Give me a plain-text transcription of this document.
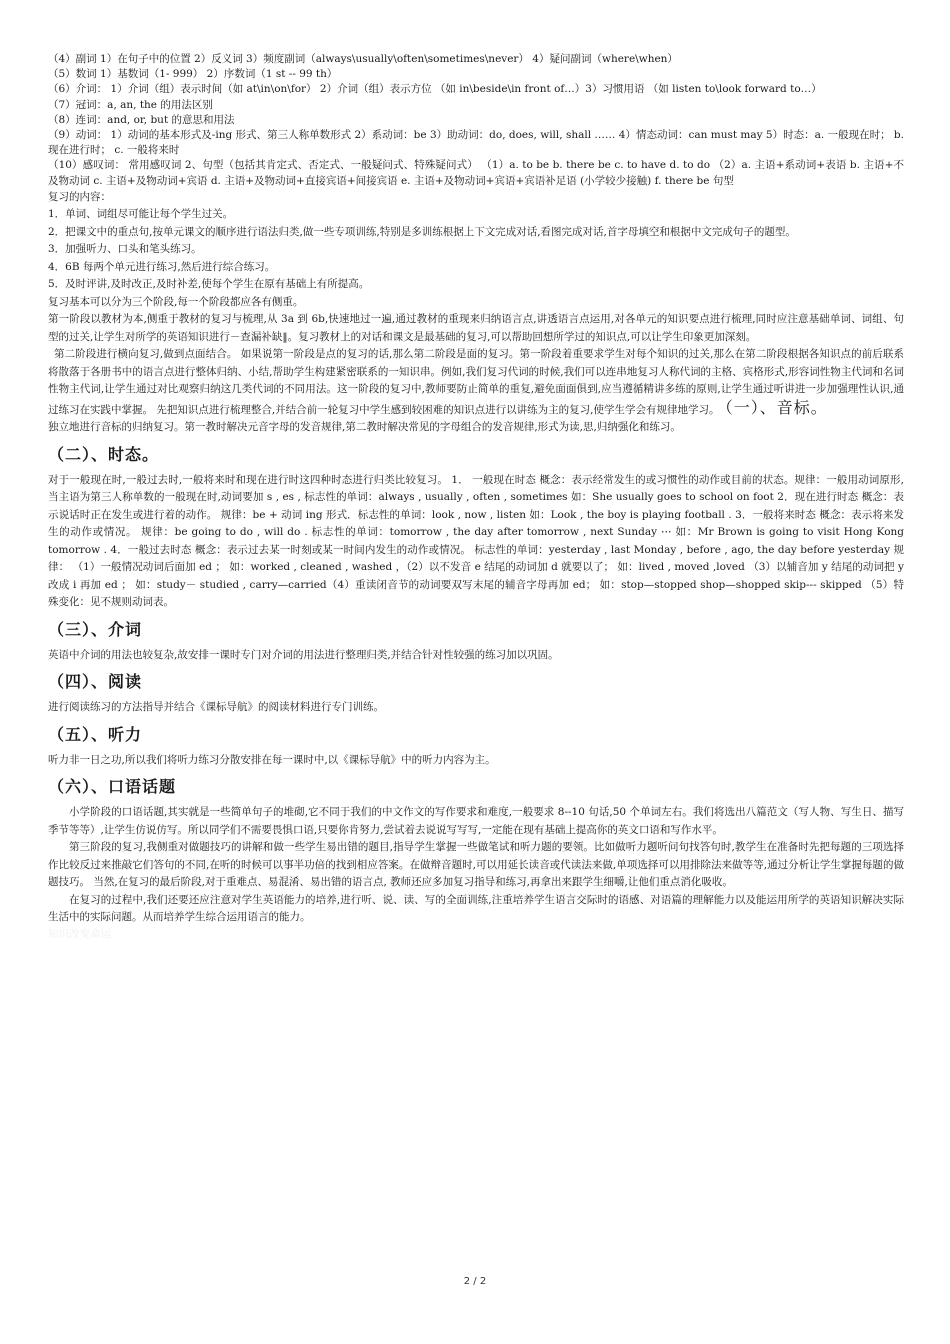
（4）副词 1）在句子中的位置 2）反义词 3）频度副词（always\usually\often\sometimes\never） 4）疑问副词（where\when）

（5）数词 1）基数词（1- 999） 2）序数词（1 st -- 99 th）

（6）介词： 1）介词（组）表示时间（如 at\in\on\for） 2）介词（组）表示方位 （如 in\beside\in front of…）3）习惯用语 （如 listen to\look forward to…）

（7）冠词：a, an, the 的用法区别

（8）连词：and, or, but 的意思和用法

（9）动词： 1）动词的基本形式及-ing 形式、第三人称单数形式 2）系动词：be 3）助动词：do, does, will, shall …… 4）情态动词：can must may 5）时态：a. 一般现在时； b. 现在进行时； c. 一般将来时

（10）感叹词： 常用感叹词 2、句型（包括其肯定式、否定式、一般疑问式、特殊疑问式） （1）a. to be b. there be c. to have d. to do （2）a. 主语+系动词+表语 b. 主语+不及物动词 c. 主语+及物动词+宾语 d. 主语+及物动词+直接宾语+间接宾语 e. 主语+及物动词+宾语+宾语补足语 (小学较少接触) f. there be 句型

复习的内容：

1．单词、词组尽可能让每个学生过关。

2．把课文中的重点句,按单元课文的顺序进行语法归类,做一些专项训练,特别是多训练根据上下文完成对话,看图完成对话,首字母填空和根据中文完成句子的题型。

3．加强听力、口头和笔头练习。

4．6B 每两个单元进行练习,然后进行综合练习。

5．及时评讲,及时改正,及时补差,使每个学生在原有基础上有所提高。

复习基本可以分为三个阶段,每一个阶段都应各有侧重。

第一阶段以教材为本,侧重于教材的复习与梳理,从 3a 到 6b,快速地过一遍,通过教材的重现来归纳语言点,讲透语言点运用,对各单元的知识要点进行梳理,同时应注意基础单词、词组、句型的过关,让学生对所学的英语知识进行－查漏补缺‖。复习教材上的对话和课文是最基础的复习,可以帮助回想所学过的知识点,可以让学生印象更加深刻。

第二阶段进行横向复习,做到点面结合。 如果说第一阶段是点的复习的话,那么第二阶段是面的复习。第一阶段着重要求学生对每个知识的过关,那么在第二阶段根据各知识点的前后联系将散落于各册书中的语言点进行整体归纳、小结,帮助学生构建紧密联系的一知识串。例如,我们复习代词的时候,我们可以连串地复习人称代词的主格、宾格形式,形容词性物主代词和名词性物主代词,让学生通过对比观察归纳这几类代词的不同用法。这一阶段的复习中,教师要防止简单的重复,避免面面俱到,应当遵循精讲多练的原则,让学生通过听讲进一步加强理性认识,通过练习在实践中掌握。 先把知识点进行梳理整合,并结合前一轮复习中学生感到较困难的知识点进行以讲练为主的复习,使学生学会有规律地学习。　 （一）、音标。

独立地进行音标的归纳复习。第一教时解决元音字母的发音规律,第二教时解决常见的字母组合的发音规律,形式为读,思,归纳强化和练习。

（二）、时态。

对于一般现在时,一般过去时,一般将来时和现在进行时这四种时态进行归类比较复习。 1． 一般现在时态 概念：表示经常发生的或习惯性的动作或目前的状态。规律：一般用动词原形,当主语为第三人称单数的一般现在时,动词要加 s , es , 标志性的单词：always , usually , often , sometimes 如：She usually goes to school on foot 2．现在进行时态 概念：表示说话时正在发生或进行着的动作。 规律：be + 动词 ing 形式．标志性的单词：look , now , listen 如：Look , the boy is playing football . 3．一般将来时态 概念：表示将来发生的动作或情况。 规律：be going to do , will do . 标志性的单词：tomorrow , the day after tomorrow , next Sunday ⋯ 如：Mr Brown is going to visit Hong Kong tomorrow . 4．一般过去时态 概念：表示过去某一时刻或某一时间内发生的动作或情况。 标志性的单词：yesterday , last Monday , before , ago, the day before yesterday 规律： （1）一般情况动词后面加 ed ； 如：worked , cleaned , washed ，（2）以不发音 e 结尾的动词加 d 就要以了； 如：lived , moved ,loved （3）以辅音加 y 结尾的动词把 y 改成 i 再加 ed ； 如：study－ studied , carry—carried（4）重读闭音节的动词要双写末尾的辅音字母再加 ed； 如：stop—stopped shop—shopped skip--- skipped （5）特殊变化：见不规则动词表。

（三）、介词

英语中介词的用法也较复杂,故安排一课时专门对介词的用法进行整理归类,并结合针对性较强的练习加以巩固。

（四）、阅读

进行阅读练习的方法指导并结合《课标导航》的阅读材料进行专门训练。

（五）、听力

听力非一日之功,所以我们将听力练习分散安排在每一课时中,以《课标导航》中的听力内容为主。

（六）、口语话题

小学阶段的口语话题,其实就是一些简单句子的堆砌,它不同于我们的中文作文的写作要求和难度,一般要求 8--10 句话,50 个单词左右。我们将选出八篇范文（写人物、写生日、描写季节等等）,让学生仿说仿写。所以同学们不需要畏惧口语,只要你肯努力,尝试着去说说写写写,一定能在现有基础上提高你的英文口语和写作水平。

第三阶段的复习,我侧重对做题技巧的讲解和做一些学生易出错的题目,指导学生掌握一些做笔试和听力题的要领。比如做听力题听问句找答句时,教学生在准备时先把每题的三项选择作比较反过来推敲它们答句的不同,在听的时候可以事半功倍的找到相应答案。在做辩音题时,可以用延长读音或代读法来做,单项选择可以用排除法来做等等,通过分析让学生掌握每题的做题技巧。 当然,在复习的最后阶段,对于重难点、易混淆、易出错的语言点, 教师还应多加复习指导和练习,再拿出来跟学生细嚼,让他们重点消化吸收。

在复习的过程中,我们还要还应注意对学生英语能力的培养,进行听、说、读、写的全面训练,注重培养学生语言交际时的语感、对语篇的理解能力以及能运用所学的英语知识解决实际生活中的实际问题。从而培养学生综合运用语言的能力。

知识改变命运

2 / 2
